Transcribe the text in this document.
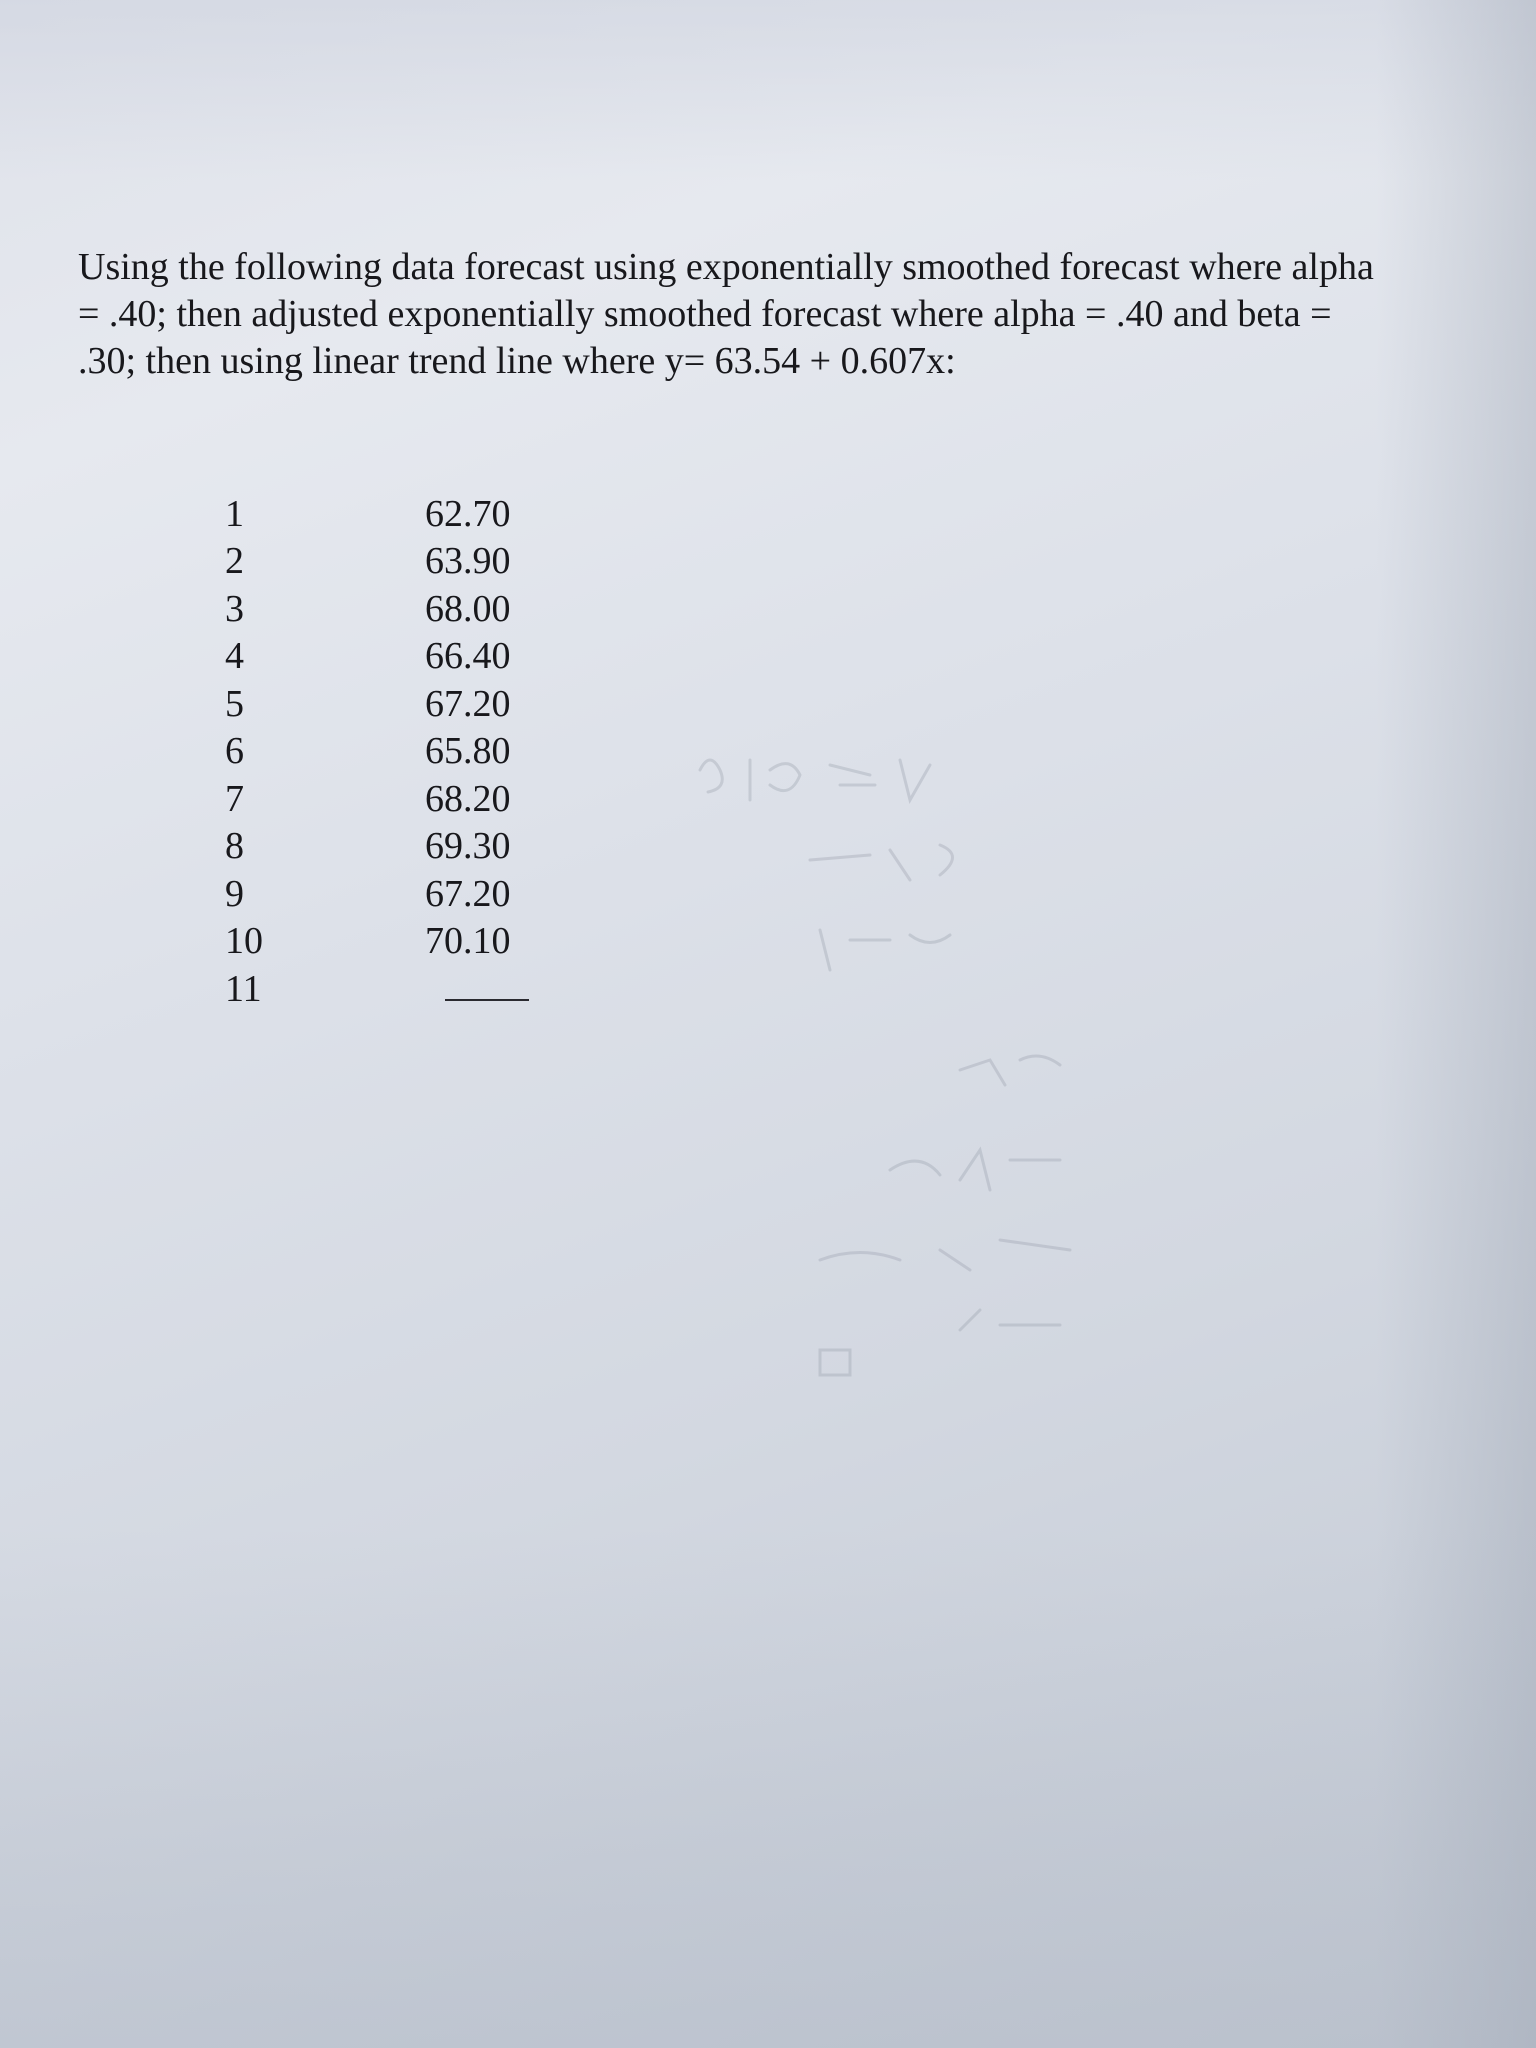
Using the following data forecast using exponentially smoothed forecast where alpha
= .40; then adjusted exponentially smoothed forecast where alpha = .40 and beta =
.30; then using linear trend line where y= 63.54 + 0.607x:

1	62.70
2	63.90
3	68.00
4	66.40
5	67.20
6	65.80
7	68.20
8	69.30
9	67.20
10	70.10
11	
